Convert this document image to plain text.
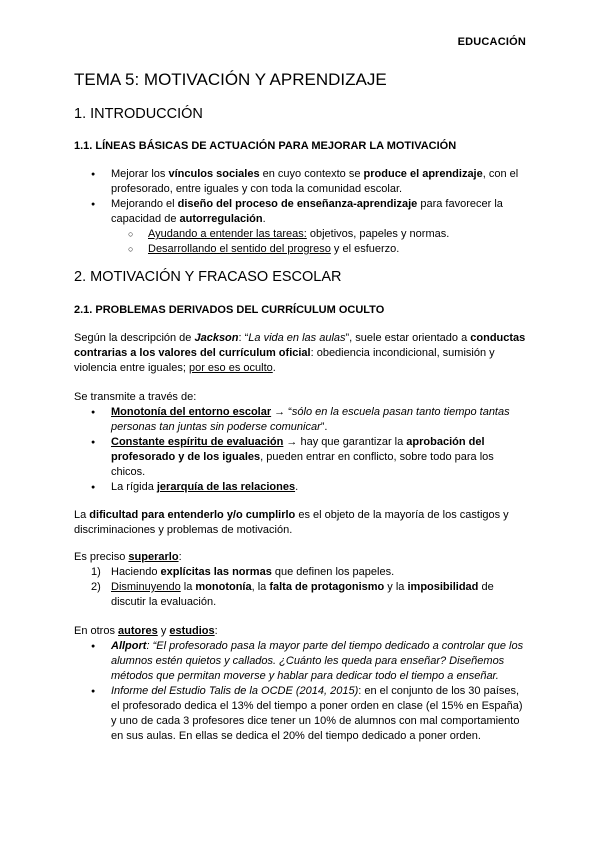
EDUCACIÓN
TEMA 5: MOTIVACIÓN Y APRENDIZAJE
1. INTRODUCCIÓN
1.1. LÍNEAS BÁSICAS DE ACTUACIÓN PARA MEJORAR LA MOTIVACIÓN
● Mejorar los vínculos sociales en cuyo contexto se produce el aprendizaje, con el profesorado, entre iguales y con toda la comunidad escolar.
● Mejorando el diseño del proceso de enseñanza-aprendizaje para favorecer la capacidad de autorregulación.
○ Ayudando a entender las tareas: objetivos, papeles y normas.
○ Desarrollando el sentido del progreso y el esfuerzo.
2. MOTIVACIÓN Y FRACASO ESCOLAR
2.1. PROBLEMAS DERIVADOS DEL CURRÍCULUM OCULTO
Según la descripción de Jackson: “La vida en las aulas”, suele estar orientado a conductas contrarias a los valores del currículum oficial: obediencia incondicional, sumisión y violencia entre iguales; por eso es oculto.
Se transmite a través de:
● Monotonía del entorno escolar → “sólo en la escuela pasan tanto tiempo tantas personas tan juntas sin poderse comunicar”.
● Constante espíritu de evaluación → hay que garantizar la aprobación del profesorado y de los iguales, pueden entrar en conflicto, sobre todo para los chicos.
● La rígida jerarquía de las relaciones.
La dificultad para entenderlo y/o cumplirlo es el objeto de la mayoría de los castigos y discriminaciones y problemas de motivación.
Es preciso superarlo:
1) Haciendo explícitas las normas que definen los papeles.
2) Disminuyendo la monotonía, la falta de protagonismo y la imposibilidad de discutir la evaluación.
En otros autores y estudios:
● Allport: “El profesorado pasa la mayor parte del tiempo dedicado a controlar que los alumnos estén quietos y callados. ¿Cuánto les queda para enseñar? Diseñemos métodos que permitan moverse y hablar para dedicar todo el tiempo a enseñar.
● Informe del Estudio Talis de la OCDE (2014, 2015): en el conjunto de los 30 países, el profesorado dedica el 13% del tiempo a poner orden en clase (el 15% en España) y uno de cada 3 profesores dice tener un 10% de alumnos con mal comportamiento en sus aulas. En ellas se dedica el 20% del tiempo dedicado a poner orden.
